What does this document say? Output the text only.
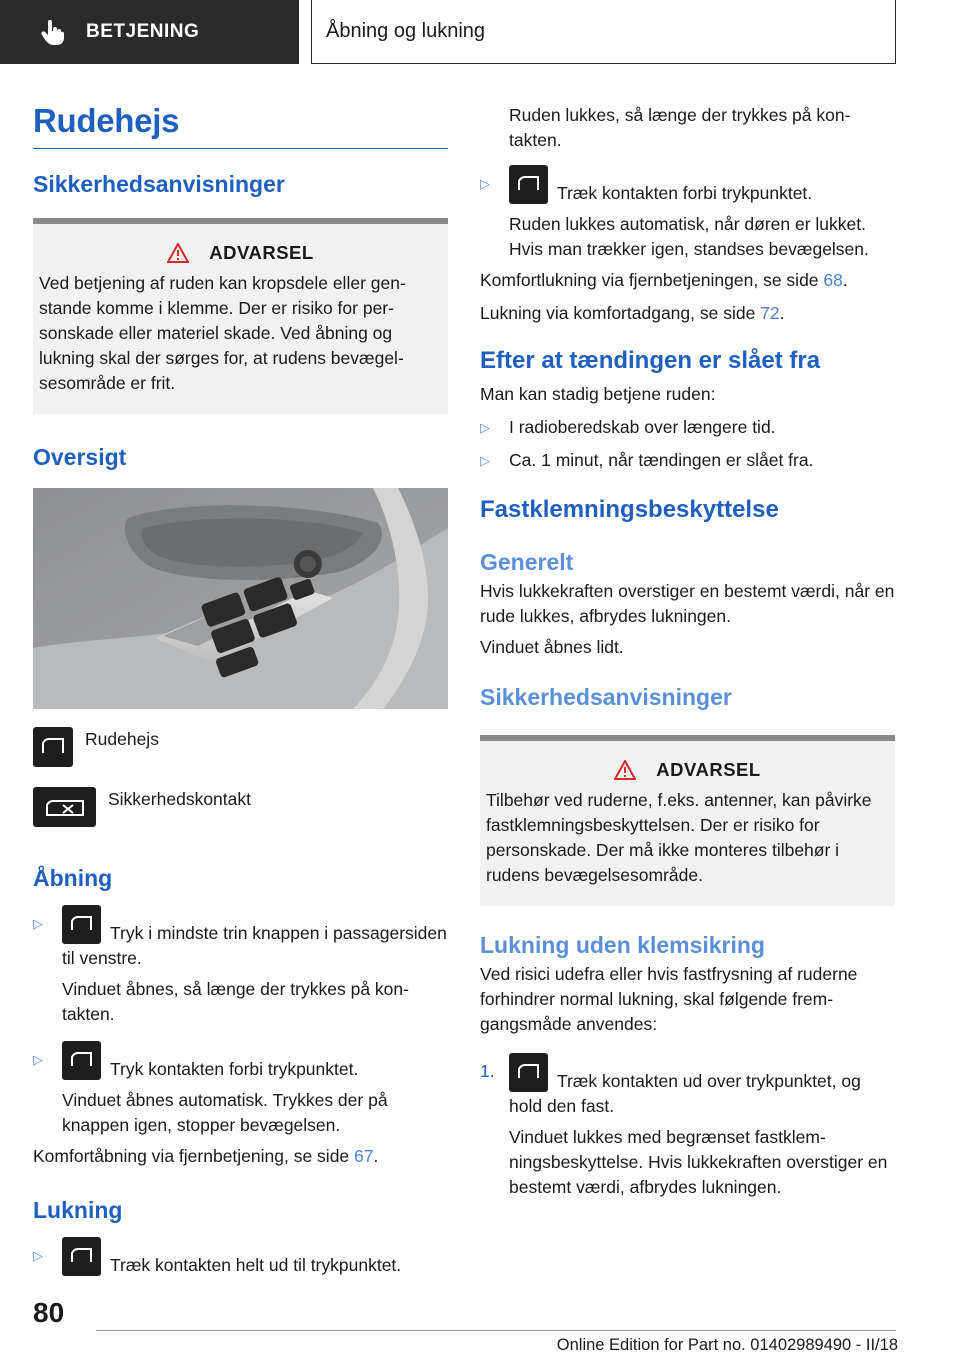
BETJENING	Åbning og lukning
Rudehejs
Sikkerhedsanvisninger
ADVARSEL

Ved betjening af ruden kan kropsdele eller genstande komme i klemme. Der er risiko for personskade eller materiel skade. Ved åbning og lukning skal der sørges for, at rudens bevægelsesområde er frit.

Oversigt
Rudehejs
Sikkerhedskontakt
Åbning
▷	Tryk i mindste trin knappen i passagersiden til venstre.

Vinduet åbnes, så længe der trykkes på kontakten.

▷	Tryk kontakten forbi trykpunktet.

Vinduet åbnes automatisk. Trykkes der på knappen igen, stopper bevægelsen.

Komfortåbning via fjernbetjening, se side 67.

Lukning
▷	Træk kontakten helt ud til trykpunktet.

Ruden lukkes, så længe der trykkes på kontakten.

▷	Træk kontakten forbi trykpunktet.

Ruden lukkes automatisk, når døren er lukket. Hvis man trækker igen, standses bevægelsen.

Komfortlukning via fjernbetjeningen, se side 68.

Lukning via komfortadgang, se side 72.

Efter at tændingen er slået fra

Man kan stadig betjene ruden:

▷	I radioberedskab over længere tid.

▷	Ca. 1 minut, når tændingen er slået fra.

Fastklemningsbeskyttelse
Generelt

Hvis lukkekraften overstiger en bestemt værdi, når en rude lukkes, afbrydes lukningen.

Vinduet åbnes lidt.

Sikkerhedsanvisninger
ADVARSEL

Tilbehør ved ruderne, f.eks. antenner, kan påvirke fastklemningsbeskyttelsen. Der er risiko for personskade. Der må ikke monteres tilbehør i rudens bevægelsesområde.

Lukning uden klemsikring

Ved risici udefra eller hvis fastfrysning af ruderne forhindrer normal lukning, skal følgende fremgangsmåde anvendes:

1.	Træk kontakten ud over trykpunktet, og hold den fast.

Vinduet lukkes med begrænset fastklemningsbeskyttelse. Hvis lukkekraften overstiger en bestemt værdi, afbrydes lukningen.

80
Online Edition for Part no. 01402989490 - II/18
